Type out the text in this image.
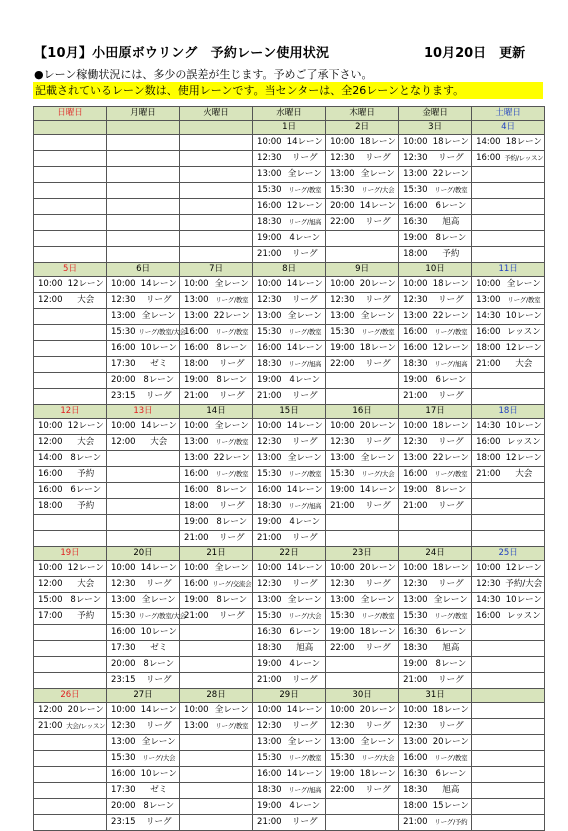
【10月】小田原ボウリング　予約レーン使用状況	10月20日　更新
●レーン稼働状況には、多少の誤差が生じます。予めご了承下さい。
記載されているレーン数は、使用レーンです。当センターは、全26レーンとなります。
日曜日		月曜日		火曜日		水曜日		木曜日		金曜日		土曜日	
						1日		2日		3日		4日	
						10:00	14レーン	10:00	18レーン	10:00	18レーン	14:00	18レーン
						12:30	リーグ	12:30	リーグ	12:30	リーグ	16:00	予約/レッスン
						13:00	全レーン	13:00	全レーン	13:00	22レーン		
						15:30	リーグ/教室	15:30	リーグ/大会	15:30	リーグ/教室		
						16:00	12レーン	20:00	14レーン	16:00	6レーン		
						18:30	リーグ/旭高	22:00	リーグ	16:30	旭高		
						19:00	4レーン			19:00	8レーン		
						21:00	リーグ			18:00	予約		
5日		6日		7日		8日		9日		10日		11日	
10:00	12レーン	10:00	14レーン	10:00	全レーン	10:00	14レーン	10:00	20レーン	10:00	18レーン	10:00	全レーン
12:00	大会	12:30	リーグ	13:00	リーグ/教室	12:30	リーグ	12:30	リーグ	12:30	リーグ	13:00	リーグ/教室
		13:00	全レーン	13:00	22レーン	13:00	全レーン	13:00	全レーン	13:00	22レーン	14:30	10レーン
		15:30	リーグ/教室/大会	16:00	リーグ/教室	15:30	リーグ/教室	15:30	リーグ/教室	16:00	リーグ/教室	16:00	レッスン
		16:00	10レーン	16:00	8レーン	16:00	14レーン	19:00	18レーン	16:00	12レーン	18:00	12レーン
		17:30	ゼミ	18:00	リーグ	18:30	リーグ/旭高	22:00	リーグ	18:30	リーグ/旭高	21:00	大会
		20:00	8レーン	19:00	8レーン	19:00	4レーン			19:00	6レーン		
		23:15	リーグ	21:00	リーグ	21:00	リーグ			21:00	リーグ		
12日		13日		14日		15日		16日		17日		18日	
10:00	12レーン	10:00	14レーン	10:00	全レーン	10:00	14レーン	10:00	20レーン	10:00	18レーン	14:30	10レーン
12:00	大会	12:00	大会	13:00	リーグ/教室	12:30	リーグ	12:30	リーグ	12:30	リーグ	16:00	レッスン
14:00	8レーン			13:00	22レーン	13:00	全レーン	13:00	全レーン	13:00	22レーン	18:00	12レーン
16:00	予約			16:00	リーグ/教室	15:30	リーグ/教室	15:30	リーグ/大会	16:00	リーグ/教室	21:00	大会
16:00	6レーン			16:00	8レーン	16:00	14レーン	19:00	14レーン	19:00	8レーン		
18:00	予約			18:00	リーグ	18:30	リーグ/旭高	21:00	リーグ	21:00	リーグ		
				19:00	8レーン	19:00	4レーン						
				21:00	リーグ	21:00	リーグ						
19日		20日		21日		22日		23日		24日		25日	
10:00	12レーン	10:00	14レーン	10:00	全レーン	10:00	14レーン	10:00	20レーン	10:00	18レーン	10:00	12レーン
12:00	大会	12:30	リーグ	16:00	リーグ/交流会	12:30	リーグ	12:30	リーグ	12:30	リーグ	12:30	予約/大会
15:00	8レーン	13:00	全レーン	19:00	8レーン	13:00	全レーン	13:00	全レーン	13:00	全レーン	14:30	10レーン
17:00	予約	15:30	リーグ/教室/大会	21:00	リーグ	15:30	リーグ/大会	15:30	リーグ/教室	15:30	リーグ/教室	16:00	レッスン
		16:00	10レーン			16:30	6レーン	19:00	18レーン	16:30	6レーン		
		17:30	ゼミ			18:30	旭高	22:00	リーグ	18:30	旭高		
		20:00	8レーン			19:00	4レーン			19:00	8レーン		
		23:15	リーグ			21:00	リーグ			21:00	リーグ		
26日		27日		28日		29日		30日		31日			
12:00	20レーン	10:00	14レーン	10:00	全レーン	10:00	14レーン	10:00	20レーン	10:00	18レーン		
21:00	大会/レッスン	12:30	リーグ	13:00	リーグ/教室	12:30	リーグ	12:30	リーグ	12:30	リーグ		
		13:00	全レーン			13:00	全レーン	13:00	全レーン	13:00	20レーン		
		15:30	リーグ/大会			15:30	リーグ/教室	15:30	リーグ/大会	16:00	リーグ/教室		
		16:00	10レーン			16:00	14レーン	19:00	18レーン	16:30	6レーン		
		17:30	ゼミ			18:30	リーグ/旭高	22:00	リーグ	18:30	旭高		
		20:00	8レーン			19:00	4レーン			18:00	15レーン		
		23:15	リーグ			21:00	リーグ			21:00	リーグ/予約		
